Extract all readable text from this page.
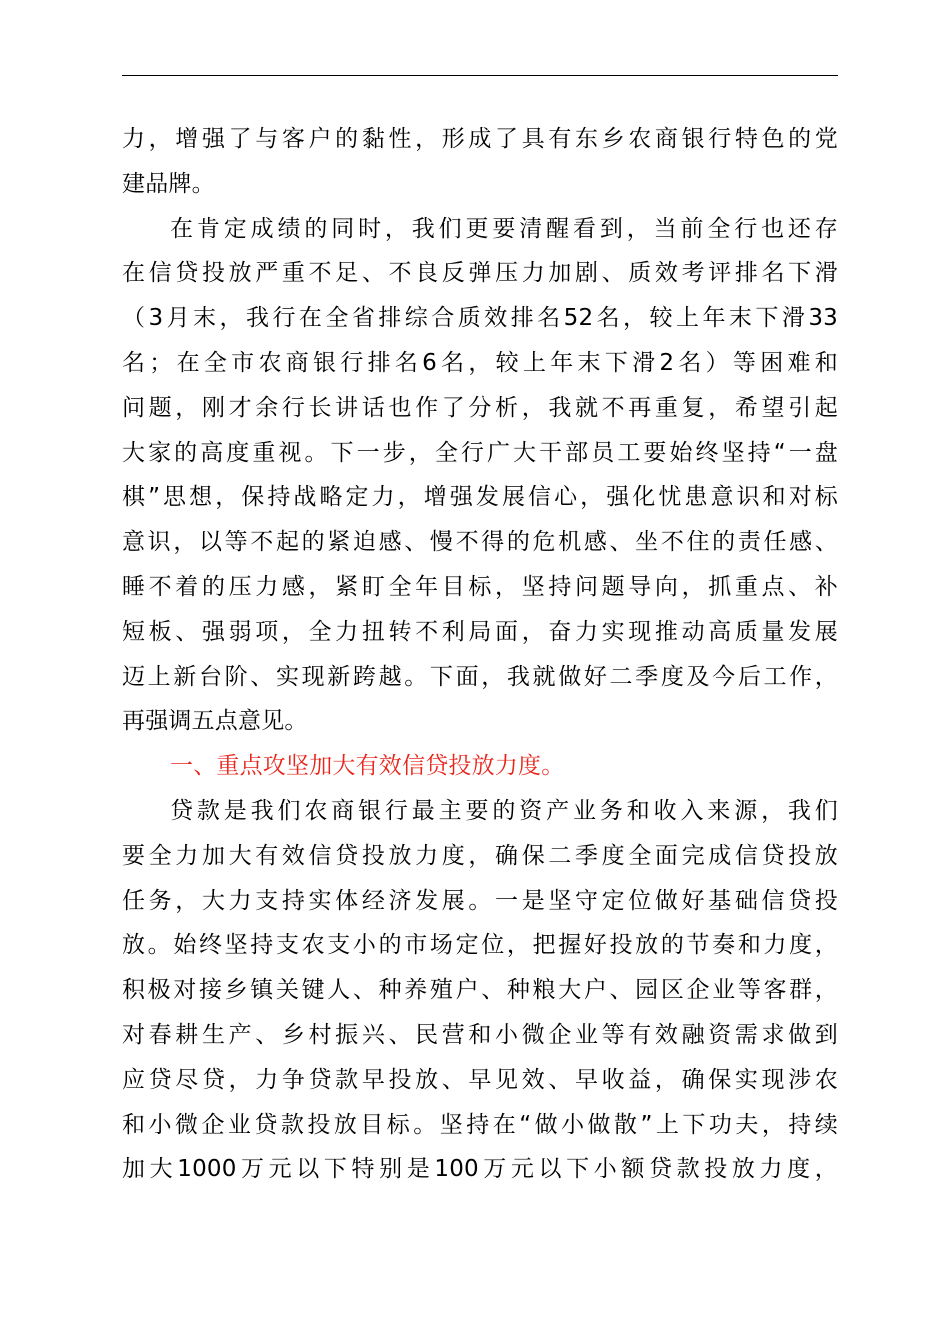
力，增强了与客户的黏性，形成了具有东乡农商银行特色的党
建品牌。
在肯定成绩的同时，我们更要清醒看到，当前全行也还存
在信贷投放严重不足、不良反弹压力加剧、质效考评排名下滑
（3月末，我行在全省排综合质效排名52名，较上年末下滑33
名；在全市农商银行排名6名，较上年末下滑2名）等困难和
问题，刚才余行长讲话也作了分析，我就不再重复，希望引起
大家的高度重视。下一步，全行广大干部员工要始终坚持“一盘
棋”思想，保持战略定力，增强发展信心，强化忧患意识和对标
意识，以等不起的紧迫感、慢不得的危机感、坐不住的责任感、
睡不着的压力感，紧盯全年目标，坚持问题导向，抓重点、补
短板、强弱项，全力扭转不利局面，奋力实现推动高质量发展
迈上新台阶、实现新跨越。下面，我就做好二季度及今后工作，
再强调五点意见。
一、重点攻坚加大有效信贷投放力度。
贷款是我们农商银行最主要的资产业务和收入来源，我们
要全力加大有效信贷投放力度，确保二季度全面完成信贷投放
任务，大力支持实体经济发展。一是坚守定位做好基础信贷投
放。始终坚持支农支小的市场定位，把握好投放的节奏和力度，
积极对接乡镇关键人、种养殖户、种粮大户、园区企业等客群，
对春耕生产、乡村振兴、民营和小微企业等有效融资需求做到
应贷尽贷，力争贷款早投放、早见效、早收益，确保实现涉农
和小微企业贷款投放目标。坚持在“做小做散”上下功夫，持续
加大1000万元以下特别是100万元以下小额贷款投放力度，
